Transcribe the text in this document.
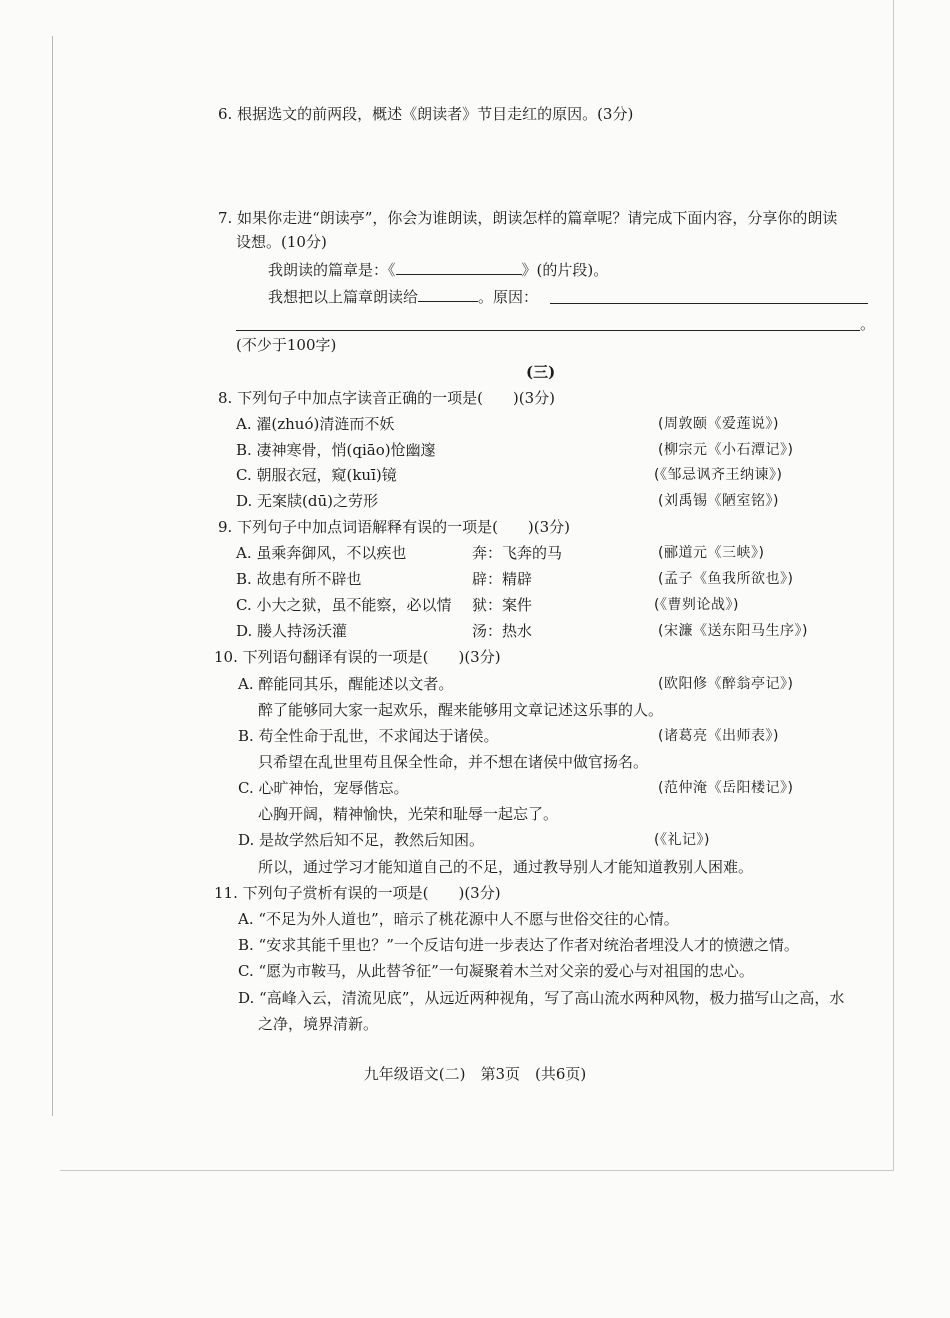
6. 根据选文的前两段，概述《朗读者》节目走红的原因。(3分)
7. 如果你走进“朗读亭”，你会为谁朗读，朗读怎样的篇章呢？请完成下面内容，分享你的朗读
设想。(10分)
我朗读的篇章是：《	》(的片段)。
我想把以上篇章朗读给	。原因：
。
(不少于100字)
(三)
8. 下列句子中加点字读音正确的一项是(　　)(3分)
A. 濯(zhuó)清涟而不妖	(周敦颐《爱莲说》)
B. 凄神寒骨，悄(qiāo)怆幽邃	(柳宗元《小石潭记》)
C. 朝服衣冠，窥(kuī)镜	(《邹忌讽齐王纳谏》)
D. 无案牍(dū)之劳形	(刘禹锡《陋室铭》)
9. 下列句子中加点词语解释有误的一项是(　　)(3分)
A. 虽乘奔御风，不以疾也	奔：飞奔的马	(郦道元《三峡》)
B. 故患有所不辟也	辟：精辟	(孟子《鱼我所欲也》)
C. 小大之狱，虽不能察，必以情 狱：案件	(《曹刿论战》)
D. 媵人持汤沃灌	汤：热水	(宋濂《送东阳马生序》)
10. 下列语句翻译有误的一项是(　　)(3分)
A. 醉能同其乐，醒能述以文者。	(欧阳修《醉翁亭记》)
醉了能够同大家一起欢乐，醒来能够用文章记述这乐事的人。
B. 苟全性命于乱世，不求闻达于诸侯。	(诸葛亮《出师表》)
只希望在乱世里苟且保全性命，并不想在诸侯中做官扬名。
C. 心旷神怡，宠辱偕忘。	(范仲淹《岳阳楼记》)
心胸开阔，精神愉快，光荣和耻辱一起忘了。
D. 是故学然后知不足，教然后知困。	(《礼记》)
所以，通过学习才能知道自己的不足，通过教导别人才能知道教别人困难。
11. 下列句子赏析有误的一项是(　　)(3分)
A. “不足为外人道也”，暗示了桃花源中人不愿与世俗交往的心情。
B. “安求其能千里也？”一个反诘句进一步表达了作者对统治者埋没人才的愤懑之情。
C. “愿为市鞍马，从此替爷征”一句凝聚着木兰对父亲的爱心与对祖国的忠心。
D. “高峰入云，清流见底”，从远近两种视角，写了高山流水两种风物，极力描写山之高，水
之净，境界清新。
九年级语文(二)　第3页　(共6页)
